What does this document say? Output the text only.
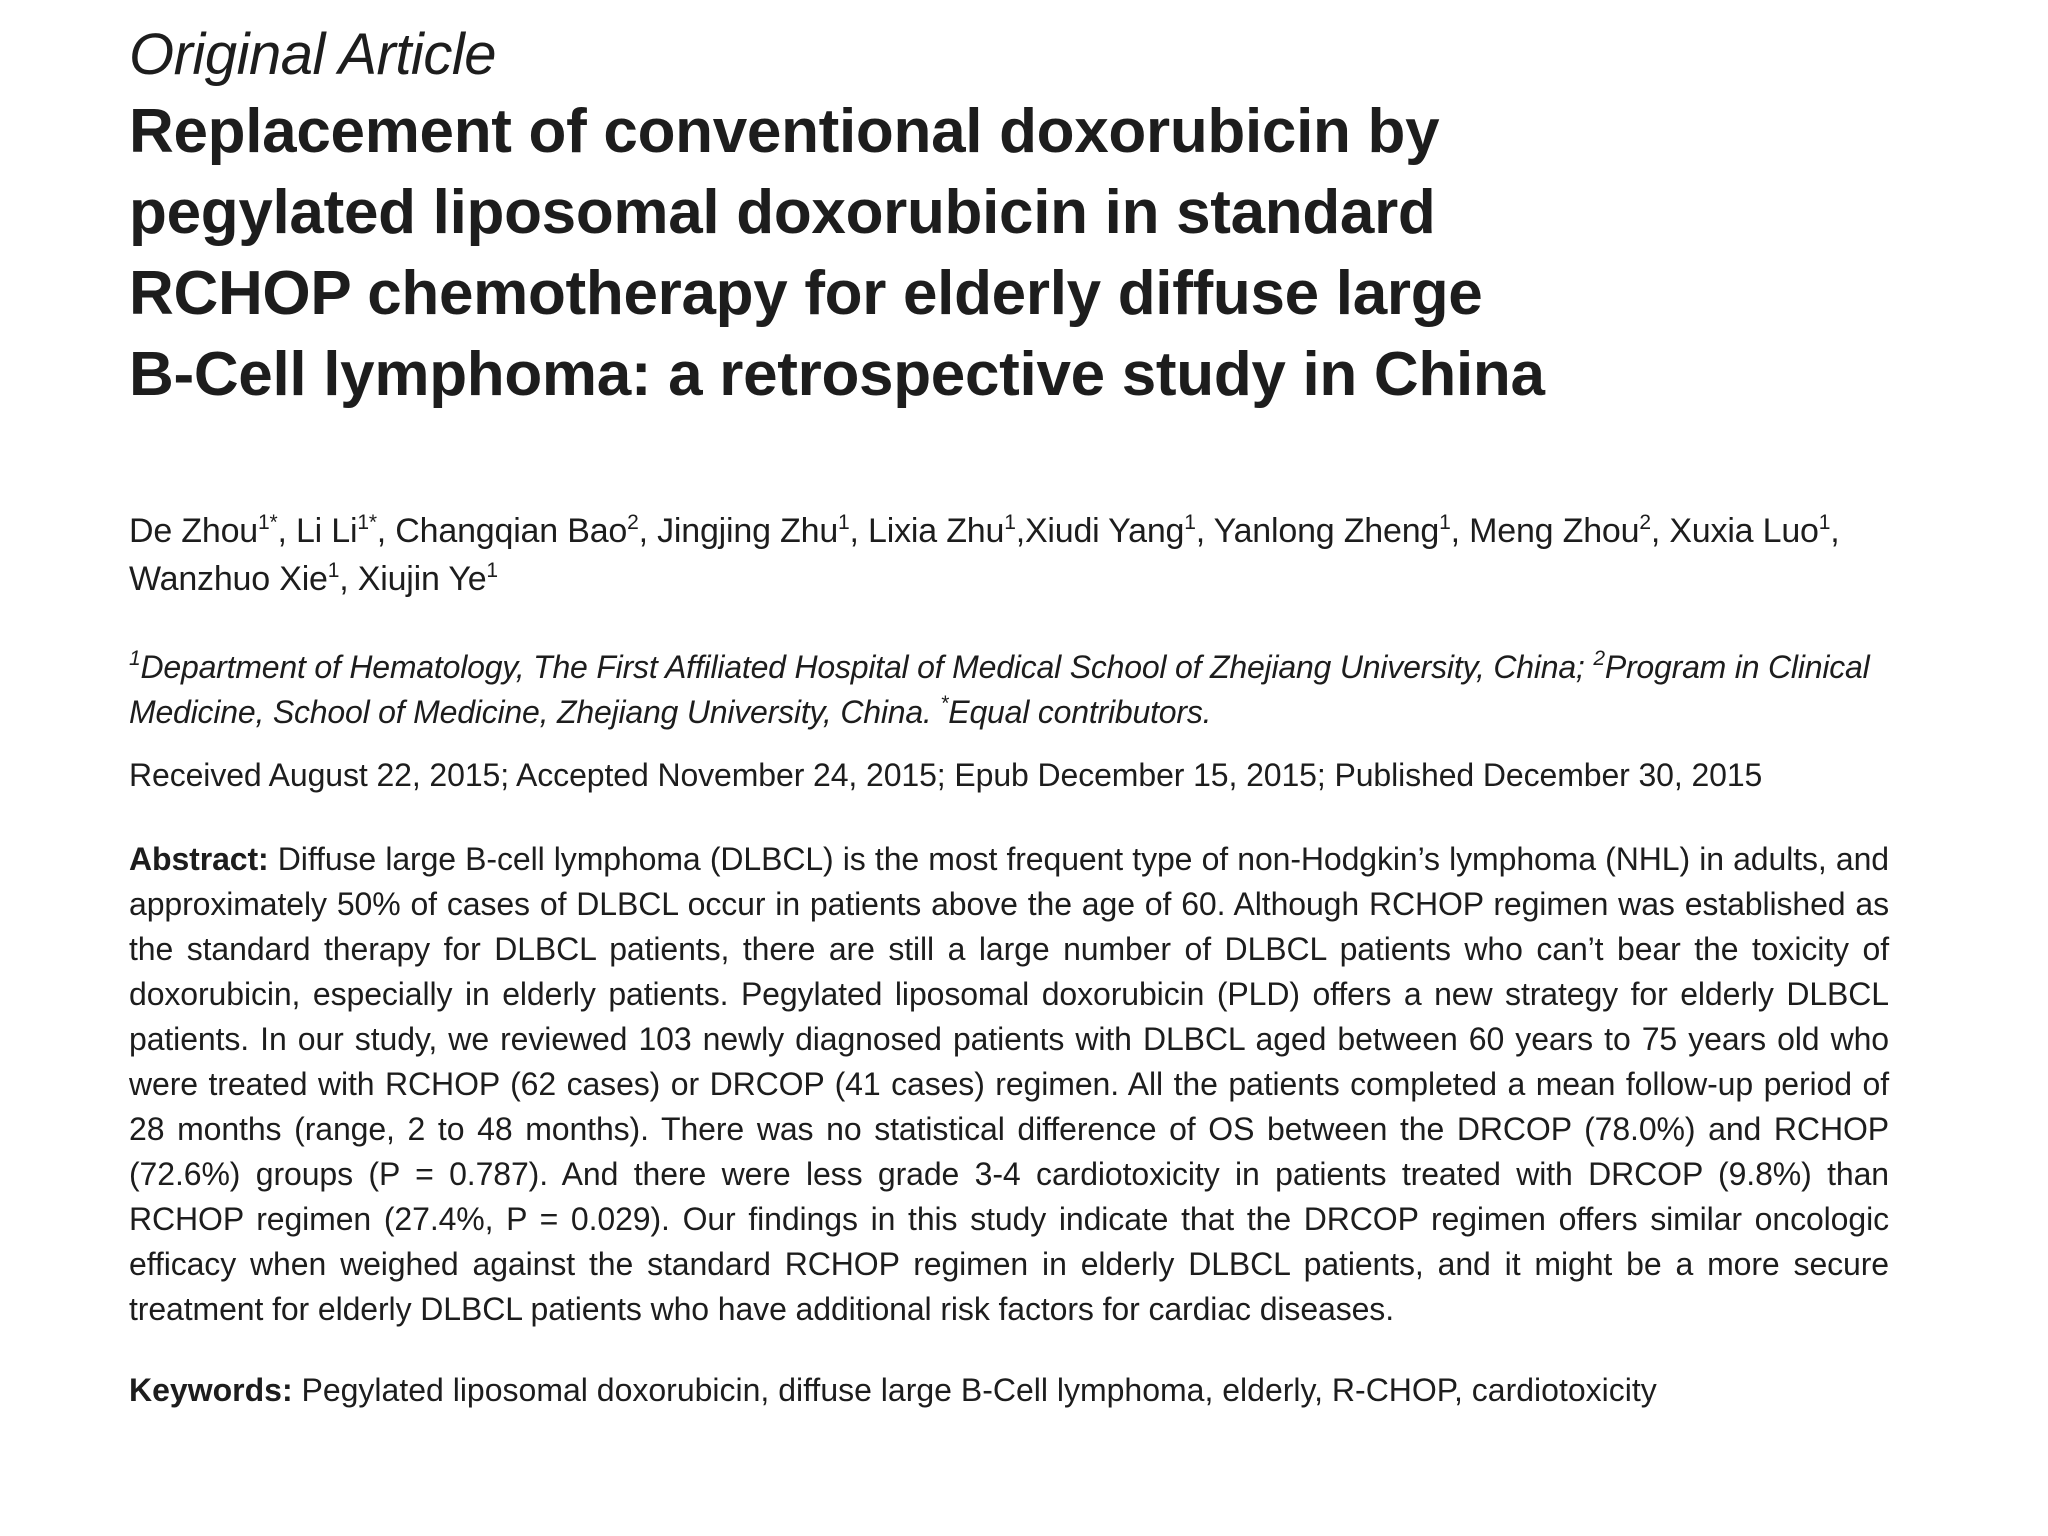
Original Article
Replacement of conventional doxorubicin by
pegylated liposomal doxorubicin in standard
RCHOP chemotherapy for elderly diffuse large
B-Cell lymphoma: a retrospective study in China
De Zhou$^{1*}$, Li $Li^{1*}$, Changqian Bao$^2$, Jingjing Zhu$^1$, Lixia Zhu$^1$,Xiudi Yang$^1$, Yanlong Zheng$^1$, Meng Zhou$^2$, Xuxia Luo$^1$, Wanzhuo Xie$^1$, Xiujin Ye$^1$
$^1$Department of Hematology, The First Affiliated Hospital of Medical School of Zhejiang University, China; $^2$Program in Clinical Medicine, School of Medicine, Zhejiang University, China. *Equal contributors.
Received August 22, 2015; Accepted November 24, 2015; Epub December 15, 2015; Published December 30, 2015
Abstract: Diffuse large B-cell lymphoma (DLBCL) is the most frequent type of non-Hodgkin’s lymphoma (NHL) in adults, and approximately 50% of cases of DLBCL occur in patients above the age of 60. Although RCHOP regimen was established as the standard therapy for DLBCL patients, there are still a large number of DLBCL patients who can’t bear the toxicity of doxorubicin, especially in elderly patients. Pegylated liposomal doxorubicin (PLD) offers a new strategy for elderly DLBCL patients. In our study, we reviewed 103 newly diagnosed patients with DLBCL aged between 60 years to 75 years old who were treated with RCHOP (62 cases) or DRCOP (41 cases) regimen. All the patients completed a mean follow-up period of 28 months (range, 2 to 48 months). There was no statistical difference of OS between the DRCOP (78.0%) and RCHOP (72.6%) groups (P = 0.787). And there were less grade 3-4 cardiotoxicity in patients treated with DRCOP (9.8%) than RCHOP regimen (27.4%, P = 0.029). Our findings in this study indicate that the DRCOP regimen offers similar oncologic efficacy when weighed against the standard RCHOP regimen in elderly DLBCL patients, and it might be a more secure treatment for elderly DLBCL patients who have additional risk factors for cardiac diseases.
Keywords: Pegylated liposomal doxorubicin, diffuse large B-Cell lymphoma, elderly, R-CHOP, cardiotoxicity
